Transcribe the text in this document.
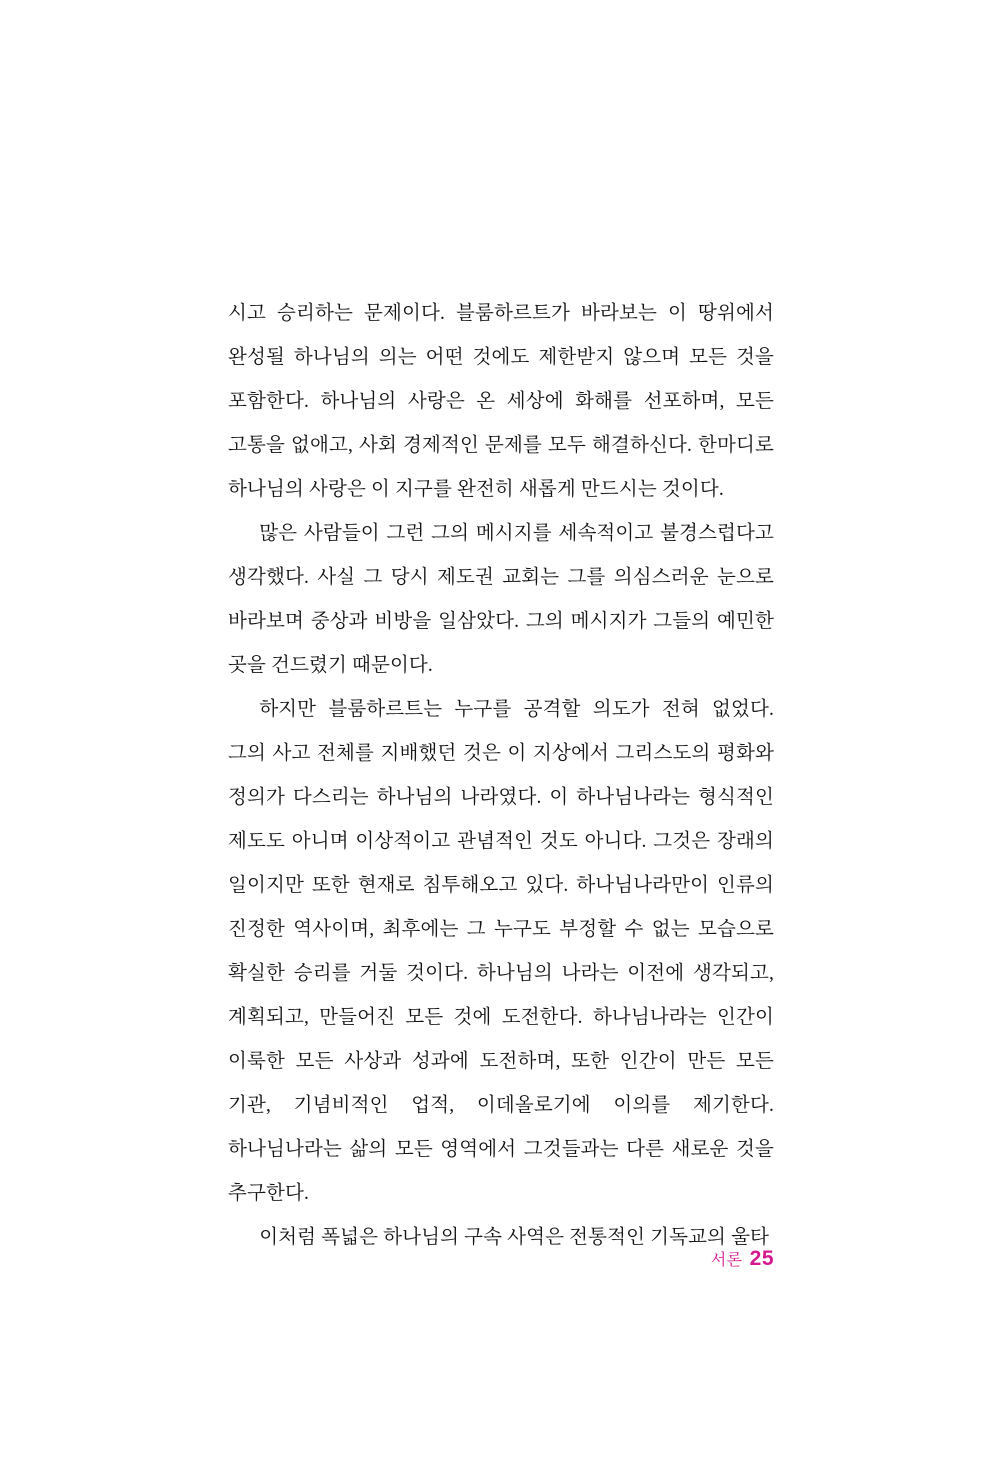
시고 승리하는 문제이다. 블룸하르트가 바라보는 이 땅위에서 완성될 하나님의 의는 어떤 것에도 제한받지 않으며 모든 것을 포함한다. 하나님의 사랑은 온 세상에 화해를 선포하며, 모든 고통을 없애고, 사회 경제적인 문제를 모두 해결하신다. 한마디로 하나님의 사랑은 이 지구를 완전히 새롭게 만드시는 것이다.

많은 사람들이 그런 그의 메시지를 세속적이고 불경스럽다고 생각했다. 사실 그 당시 제도권 교회는 그를 의심스러운 눈으로 바라보며 중상과 비방을 일삼았다. 그의 메시지가 그들의 예민한 곳을 건드렸기 때문이다.

하지만 블룸하르트는 누구를 공격할 의도가 전혀 없었다. 그의 사고 전체를 지배했던 것은 이 지상에서 그리스도의 평화와 정의가 다스리는 하나님의 나라였다. 이 하나님나라는 형식적인 제도도 아니며 이상적이고 관념적인 것도 아니다. 그것은 장래의 일이지만 또한 현재로 침투해오고 있다. 하나님나라만이 인류의 진정한 역사이며, 최후에는 그 누구도 부정할 수 없는 모습으로 확실한 승리를 거둘 것이다. 하나님의 나라는 이전에 생각되고, 계획되고, 만들어진 모든 것에 도전한다. 하나님나라는 인간이 이룩한 모든 사상과 성과에 도전하며, 또한 인간이 만든 모든 기관, 기념비적인 업적, 이데올로기에 이의를 제기한다. 하나님나라는 삶의 모든 영역에서 그것들과는 다른 새로운 것을 추구한다.

이처럼 폭넓은 하나님의 구속 사역은 전통적인 기독교의 울타

서론 25
